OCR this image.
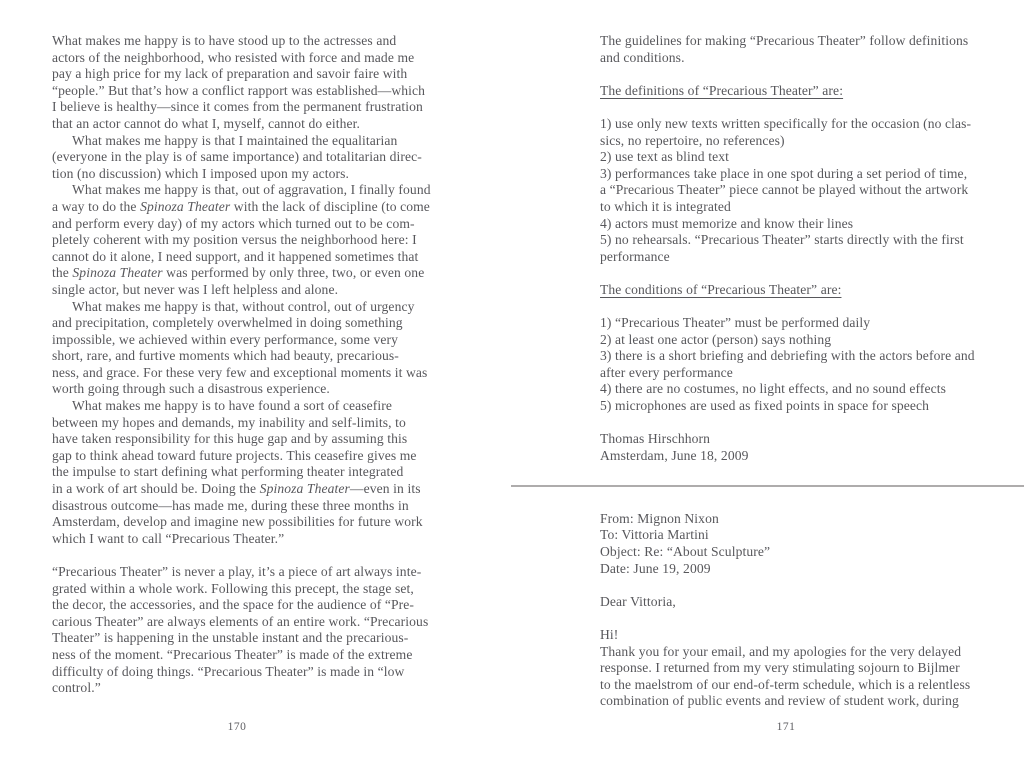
What makes me happy is to have stood up to the actresses and
actors of the neighborhood, who resisted with force and made me
pay a high price for my lack of preparation and savoir faire with
“people.” But that’s how a conflict rapport was established—which
I believe is healthy—since it comes from the permanent frustration
that an actor cannot do what I, myself, cannot do either.
What makes me happy is that I maintained the equalitarian
(everyone in the play is of same importance) and totalitarian direc-
tion (no discussion) which I imposed upon my actors.
What makes me happy is that, out of aggravation, I finally found
a way to do the Spinoza Theater with the lack of discipline (to come
and perform every day) of my actors which turned out to be com-
pletely coherent with my position versus the neighborhood here: I
cannot do it alone, I need support, and it happened sometimes that
the Spinoza Theater was performed by only three, two, or even one
single actor, but never was I left helpless and alone.
What makes me happy is that, without control, out of urgency
and precipitation, completely overwhelmed in doing something
impossible, we achieved within every performance, some very
short, rare, and furtive moments which had beauty, precarious-
ness, and grace. For these very few and exceptional moments it was
worth going through such a disastrous experience.
What makes me happy is to have found a sort of ceasefire
between my hopes and demands, my inability and self-limits, to
have taken responsibility for this huge gap and by assuming this
gap to think ahead toward future projects. This ceasefire gives me
the impulse to start defining what performing theater integrated
in a work of art should be. Doing the Spinoza Theater—even in its
disastrous outcome—has made me, during these three months in
Amsterdam, develop and imagine new possibilities for future work
which I want to call “Precarious Theater.”
“Precarious Theater” is never a play, it’s a piece of art always inte-
grated within a whole work. Following this precept, the stage set,
the decor, the accessories, and the space for the audience of “Pre-
carious Theater” are always elements of an entire work. “Precarious
Theater” is happening in the unstable instant and the precarious-
ness of the moment. “Precarious Theater” is made of the extreme
difficulty of doing things. “Precarious Theater” is made in “low
control.”
170
The guidelines for making “Precarious Theater” follow definitions
and conditions.
The definitions of “Precarious Theater” are:
1) use only new texts written specifically for the occasion (no clas-
sics, no repertoire, no references)
2) use text as blind text
3) performances take place in one spot during a set period of time,
a “Precarious Theater” piece cannot be played without the artwork
to which it is integrated
4) actors must memorize and know their lines
5) no rehearsals. “Precarious Theater” starts directly with the first
performance
The conditions of “Precarious Theater” are:
1) “Precarious Theater” must be performed daily
2) at least one actor (person) says nothing
3) there is a short briefing and debriefing with the actors before and
after every performance
4) there are no costumes, no light effects, and no sound effects
5) microphones are used as fixed points in space for speech
Thomas Hirschhorn
Amsterdam, June 18, 2009
From: Mignon Nixon
To: Vittoria Martini
Object: Re: “About Sculpture”
Date: June 19, 2009
Dear Vittoria,
Hi!
Thank you for your email, and my apologies for the very delayed
response. I returned from my very stimulating sojourn to Bijlmer
to the maelstrom of our end-of-term schedule, which is a relentless
combination of public events and review of student work, during
171
